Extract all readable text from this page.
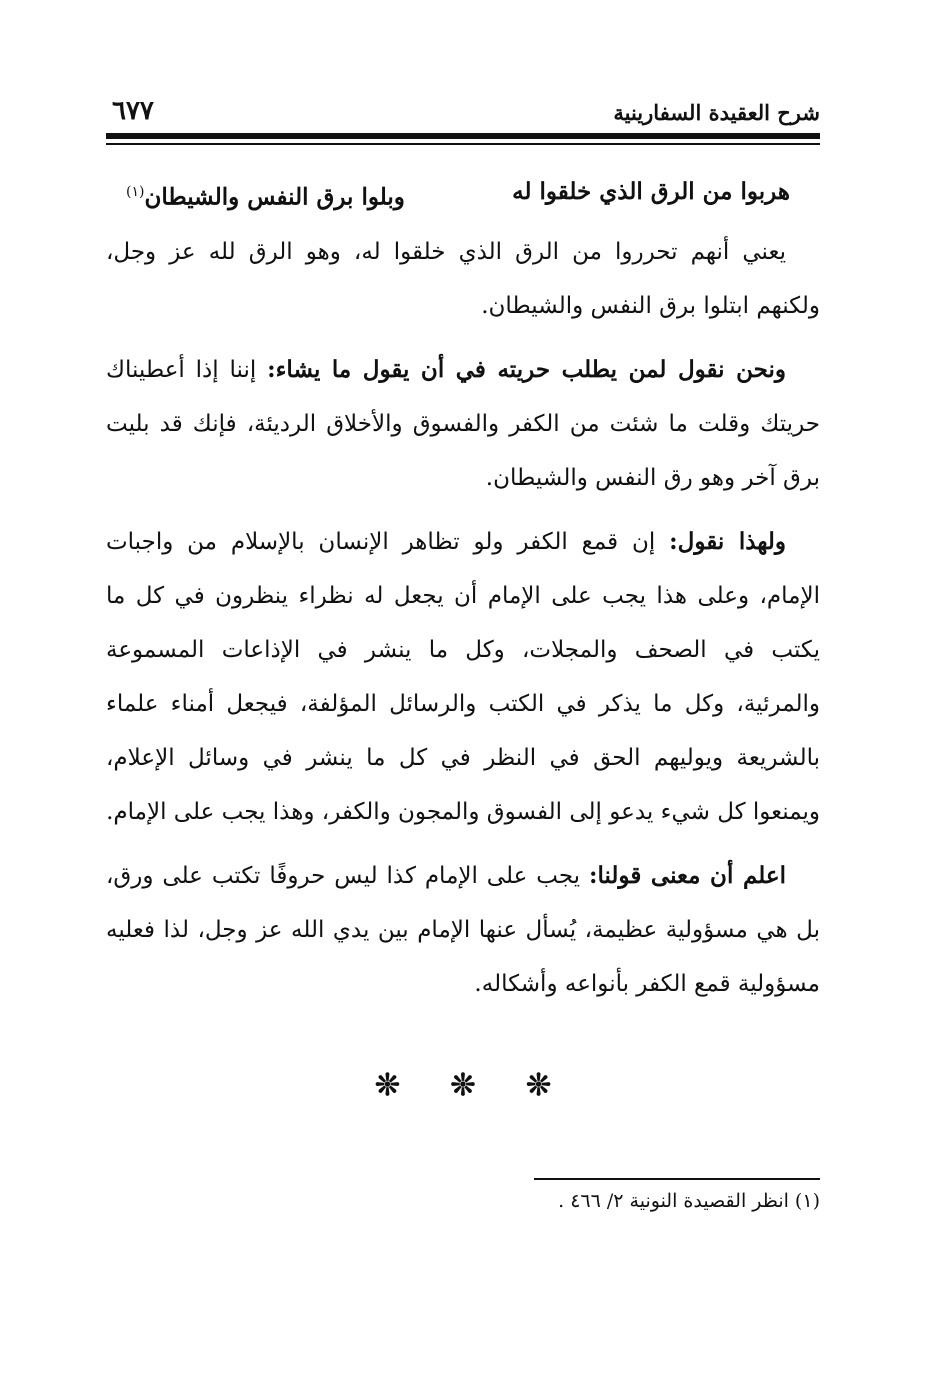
شرح العقيدة السفارينية
٦٧٧
هربوا من الرق الذي خلقوا له
وبلوا برق النفس والشيطان$^{(١)}$

يعني أنهم تحرروا من الرق الذي خلقوا له، وهو الرق لله عز وجل، ولكنهم ابتلوا برق النفس والشيطان.

ونحن نقول لمن يطلب حريته في أن يقول ما يشاء: إننا إذا أعطيناك حريتك وقلت ما شئت من الكفر والفسوق والأخلاق الرديئة، فإنك قد بليت برق آخر وهو رق النفس والشيطان.

ولهذا نقول: إن قمع الكفر ولو تظاهر الإنسان بالإسلام من واجبات الإمام، وعلى هذا يجب على الإمام أن يجعل له نظراء ينظرون في كل ما يكتب في الصحف والمجلات، وكل ما ينشر في الإذاعات المسموعة والمرئية، وكل ما يذكر في الكتب والرسائل المؤلفة، فيجعل أمناء علماء بالشريعة ويوليهم الحق في النظر في كل ما ينشر في وسائل الإعلام، ويمنعوا كل شيء يدعو إلى الفسوق والمجون والكفر، وهذا يجب على الإمام.

اعلم أن معنى قولنا: يجب على الإمام كذا ليس حروفًا تكتب على ورق، بل هي مسؤولية عظيمة، يُسأل عنها الإمام بين يدي الله عز وجل، لذا فعليه مسؤولية قمع الكفر بأنواعه وأشكاله.

❊ ❊ ❊
(١) انظر القصيدة النونية ٢/ ٤٦٦ .
